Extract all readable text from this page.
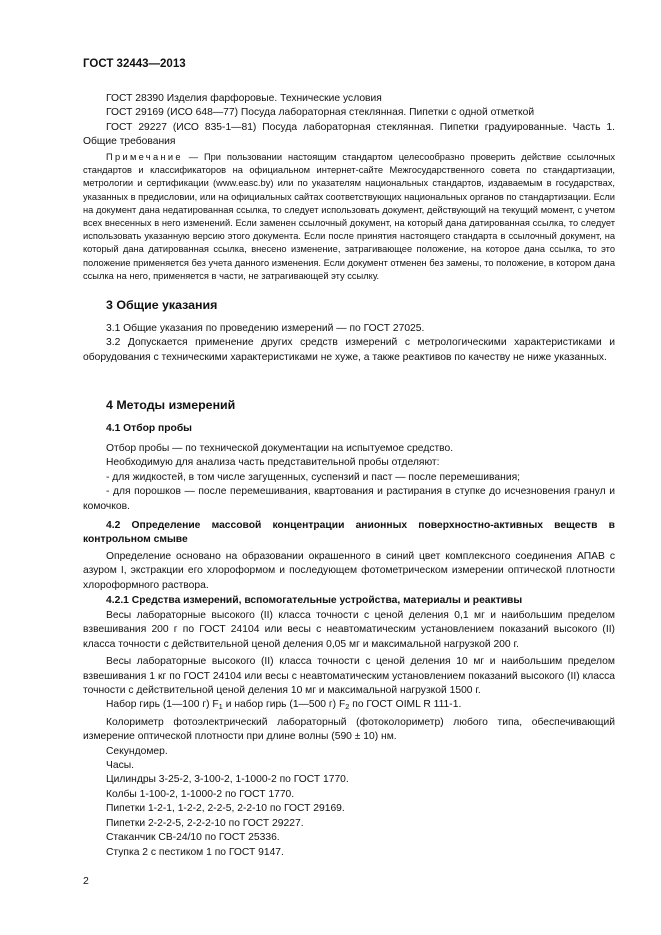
ГОСТ 32443—2013

ГОСТ 28390 Изделия фарфоровые. Технические условия

ГОСТ 29169 (ИСО 648—77) Посуда лабораторная стеклянная. Пипетки с одной отметкой

ГОСТ 29227 (ИСО 835-1—81) Посуда лабораторная стеклянная. Пипетки градуированные. Часть 1. Общие требования

Примечание — При пользовании настоящим стандартом целесообразно проверить действие ссылочных стандартов и классификаторов на официальном интернет-сайте Межгосударственного совета по стандартизации, метрологии и сертификации (www.easc.by) или по указателям национальных стандартов, издаваемым в государствах, указанных в предисловии, или на официальных сайтах соответствующих национальных органов по стандартизации. Если на документ дана недатированная ссылка, то следует использовать документ, действующий на текущий момент, с учетом всех внесенных в него изменений. Если заменен ссылочный документ, на который дана датированная ссылка, то следует использовать указанную версию этого документа. Если после принятия настоящего стандарта в ссылочный документ, на который дана датированная ссылка, внесено изменение, затрагивающее положение, на которое дана ссылка, то это положение применяется без учета данного изменения. Если документ отменен без замены, то положение, в котором дана ссылка на него, применяется в части, не затрагивающей эту ссылку.

3 Общие указания

3.1 Общие указания по проведению измерений — по ГОСТ 27025.

3.2 Допускается применение других средств измерений с метрологическими характеристиками и оборудования с техническими характеристиками не хуже, а также реактивов по качеству не ниже указанных.

4 Методы измерений
4.1 Отбор пробы

Отбор пробы — по технической документации на испытуемое средство.

Необходимую для анализа часть представительной пробы отделяют:

- для жидкостей, в том числе загущенных, суспензий и паст — после перемешивания;

- для порошков — после перемешивания, квартования и растирания в ступке до исчезновения гранул и комочков.

4.2 Определение массовой концентрации анионных поверхностно-активных веществ в контрольном смыве

Определение основано на образовании окрашенного в синий цвет комплексного соединения АПАВ с азуром I, экстракции его хлороформом и последующем фотометрическом измерении оптической плотности хлороформного раствора.

4.2.1 Средства измерений, вспомогательные устройства, материалы и реактивы

Весы лабораторные высокого (II) класса точности с ценой деления 0,1 мг и наибольшим пределом взвешивания 200 г по ГОСТ 24104 или весы с неавтоматическим установлением показаний высокого (II) класса точности с действительной ценой деления 0,05 мг и максимальной нагрузкой 200 г.

Весы лабораторные высокого (II) класса точности с ценой деления 10 мг и наибольшим пределом взвешивания 1 кг по ГОСТ 24104 или весы с неавтоматическим установлением показаний высокого (II) класса точности с действительной ценой деления 10 мг и максимальной нагрузкой 1500 г.

Набор гирь (1—100 г) $F_1$ и набор гирь (1—500 г) $F_2$ по ГОСТ OIML R 111-1.

Колориметр фотоэлектрический лабораторный (фотоколориметр) любого типа, обеспечивающий измерение оптической плотности при длине волны (590 ± 10) нм.

Секундомер.

Часы.

Цилиндры 3-25-2, 3-100-2, 1-1000-2 по ГОСТ 1770.

Колбы 1-100-2, 1-1000-2 по ГОСТ 1770.

Пипетки 1-2-1, 1-2-2, 2-2-5, 2-2-10 по ГОСТ 29169.

Пипетки 2-2-2-5, 2-2-2-10 по ГОСТ 29227.

Стаканчик СВ-24/10 по ГОСТ 25336.

Ступка 2 с пестиком 1 по ГОСТ 9147.

2
